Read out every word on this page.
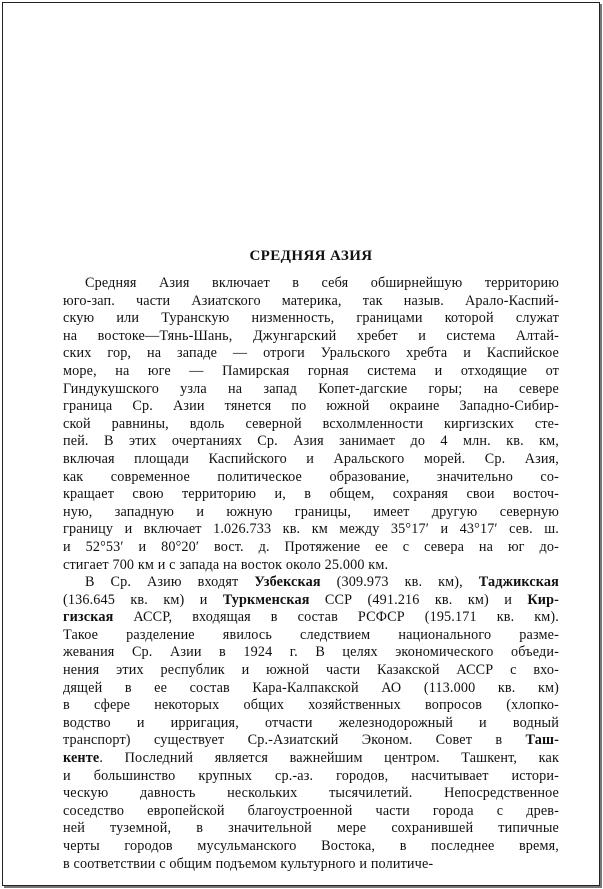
СРЕДНЯЯ АЗИЯ

Средняя Азия включает в себя обширнейшую территорию
юго-зап. части Азиатского материка, так назыв. Арало-Каспий-
скую или Туранскую низменность, границами которой служат
на востоке—Тянь-Шань, Джунгарский хребет и система Алтай-
ских гор, на западе — отроги Уральского хребта и Каспийское
море, на юге — Памирская горная система и отходящие от
Гиндукушского узла на запад Копет-дагские горы; на севере
граница Ср. Азии тянется по южной окраине Западно-Сибир-
ской равнины, вдоль северной всхолмленности киргизских сте-
пей. В этих очертаниях Ср. Азия занимает до 4 млн. кв. км,
включая площади Каспийского и Аральского морей. Ср. Азия,
как современное политическое образование, значительно со-
кращает свою территорию и, в общем, сохраняя свои восточ-
ную, западную и южную границы, имеет другую северную
границу и включает 1.026.733 кв. км между 35°17′ и 43°17′ сев. ш.
и 52°53′ и 80°20′ вост. д. Протяжение ее с севера на юг до-
стигает 700 км и с запада на восток около 25.000 км.

В Ср. Азию входят Узбекская (309.973 кв. км), Таджикская
(136.645 кв. км) и Туркменская ССР (491.216 кв. км) и Кир-
гизская АССР, входящая в состав РСФСР (195.171 кв. км).
Такое разделение явилось следствием национального разме-
жевания Ср. Азии в 1924 г. В целях экономического объеди-
нения этих республик и южной части Казакской АССР с вхо-
дящей в ее состав Кара-Калпакской АО (113.000 кв. км)
в сфере некоторых общих хозяйственных вопросов (хлопко-
водство и ирригация, отчасти железнодорожный и водный
транспорт) существует Ср.-Азиатский Эконом. Совет в Таш-
кенте. Последний является важнейшим центром. Ташкент, как
и большинство крупных ср.-аз. городов, насчитывает истори-
ческую давность нескольких тысячилетий. Непосредственное
соседство европейской благоустроенной части города с древ-
ней туземной, в значительной мере сохранившей типичные
черты городов мусульманского Востока, в последнее время,
в соответствии с общим подъемом культурного и политиче-
